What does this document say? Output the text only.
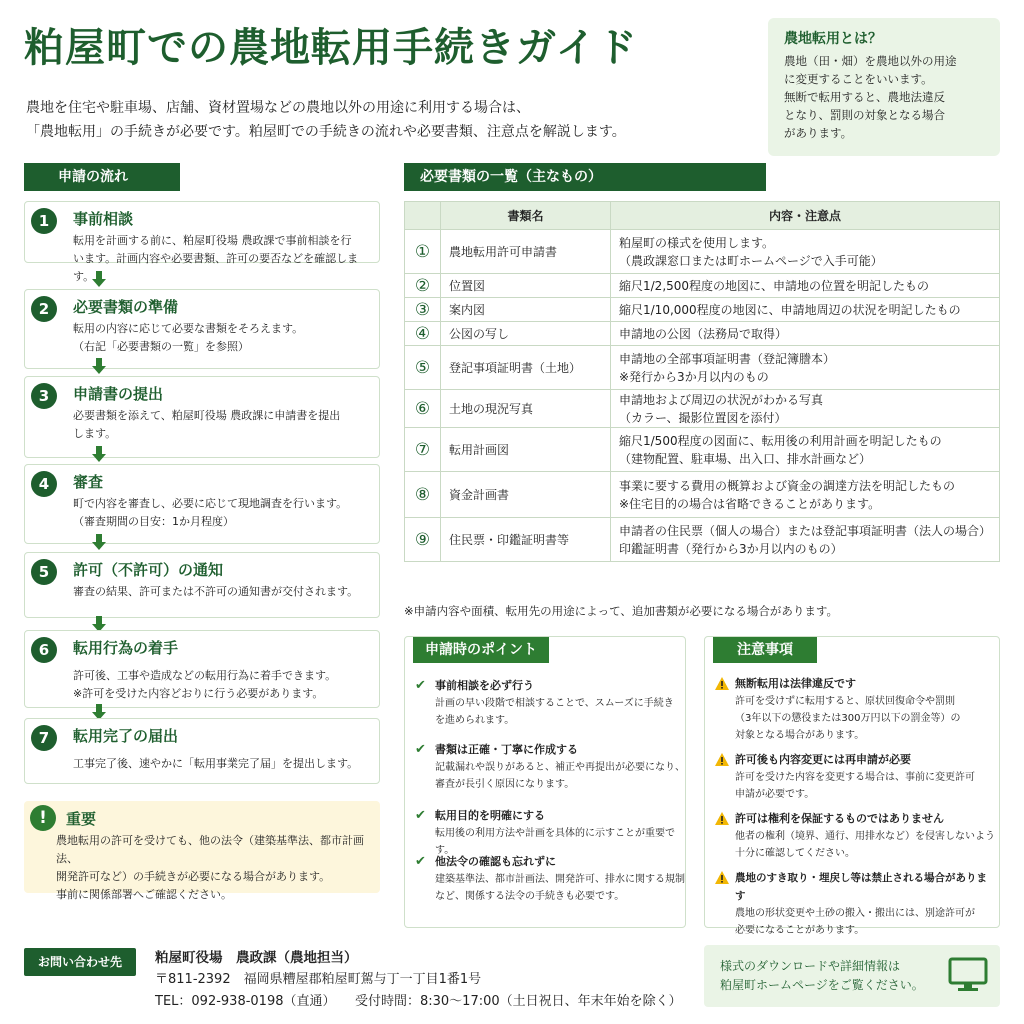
粕屋町での農地転用手続きガイド
農地を住宅や駐車場、店舗、資材置場などの農地以外の用途に利用する場合は、
「農地転用」の手続きが必要です。粕屋町での手続きの流れや必要書類、注意点を解説します。
農地転用とは？
農地（田・畑）を農地以外の用途
に変更することをいいます。
無断で転用すると、農地法違反
となり、罰則の対象となる場合
があります。
申請の流れ
1	事前相談
転用を計画する前に、粕屋町役場 農政課で事前相談を行
います。計画内容や必要書類、許可の要否などを確認します。
2	必要書類の準備
転用の内容に応じて必要な書類をそろえます。
（右記「必要書類の一覧」を参照）
3	申請書の提出
必要書類を添えて、粕屋町役場 農政課に申請書を提出
します。
4	審査
町で内容を審査し、必要に応じて現地調査を行います。
（審査期間の目安：1か月程度）
5	許可（不許可）の通知
審査の結果、許可または不許可の通知書が交付されます。
6	転用行為の着手
許可後、工事や造成などの転用行為に着手できます。
※許可を受けた内容どおりに行う必要があります。
7	転用完了の届出
工事完了後、速やかに「転用事業完了届」を提出します。
!	重要
農地転用の許可を受けても、他の法令（建築基準法、都市計画法、
開発許可など）の手続きが必要になる場合があります。
事前に関係部署へご確認ください。
必要書類の一覧（主なもの）
	書類名	内容・注意点
①	農地転用許可申請書	粕屋町の様式を使用します。
（農政課窓口または町ホームページで入手可能）

②	位置図	縮尺1/2,500程度の地図に、申請地の位置を明記したもの

③	案内図	縮尺1/10,000程度の地図に、申請地周辺の状況を明記したもの

④	公図の写し	申請地の公図（法務局で取得）

⑤	登記事項証明書（土地）	申請地の全部事項証明書（登記簿謄本）
※発行から3か月以内のもの

⑥	土地の現況写真	申請地および周辺の状況がわかる写真
（カラー、撮影位置図を添付）

⑦	転用計画図	縮尺1/500程度の図面に、転用後の利用計画を明記したもの
（建物配置、駐車場、出入口、排水計画など）

⑧	資金計画書	事業に要する費用の概算および資金の調達方法を明記したもの
※住宅目的の場合は省略できることがあります。

⑨	住民票・印鑑証明書等	申請者の住民票（個人の場合）または登記事項証明書（法人の場合）
印鑑証明書（発行から3か月以内のもの）
※申請内容や面積、転用先の用途によって、追加書類が必要になる場合があります。
申請時のポイント
✔ 事前相談を必ず行う
計画の早い段階で相談することで、スムーズに手続き
を進められます。
✔ 書類は正確・丁寧に作成する
記載漏れや誤りがあると、補正や再提出が必要になり、
審査が長引く原因になります。
✔ 転用目的を明確にする
転用後の利用方法や計画を具体的に示すことが重要です。
✔ 他法令の確認も忘れずに
建築基準法、都市計画法、開発許可、排水に関する規制
など、関係する法令の手続きも必要です。
注意事項
無断転用は法律違反です
許可を受けずに転用すると、原状回復命令や罰則
（3年以下の懲役または300万円以下の罰金等）の
対象となる場合があります。
許可後も内容変更には再申請が必要
許可を受けた内容を変更する場合は、事前に変更許可
申請が必要です。
許可は権利を保証するものではありません
他者の権利（境界、通行、用排水など）を侵害しないよう
十分に確認してください。
農地のすき取り・埋戻し等は禁止される場合があります
農地の形状変更や土砂の搬入・搬出には、別途許可が
必要になることがあります。
お問い合わせ先	粕屋町役場　農政課（農地担当）
〒811-2392　福岡県糟屋郡粕屋町駕与丁一丁目1番1号
TEL：092-938-0198（直通）　　受付時間：8:30〜17:00（土日祝日、年末年始を除く）
様式のダウンロードや詳細情報は
粕屋町ホームページをご覧ください。
